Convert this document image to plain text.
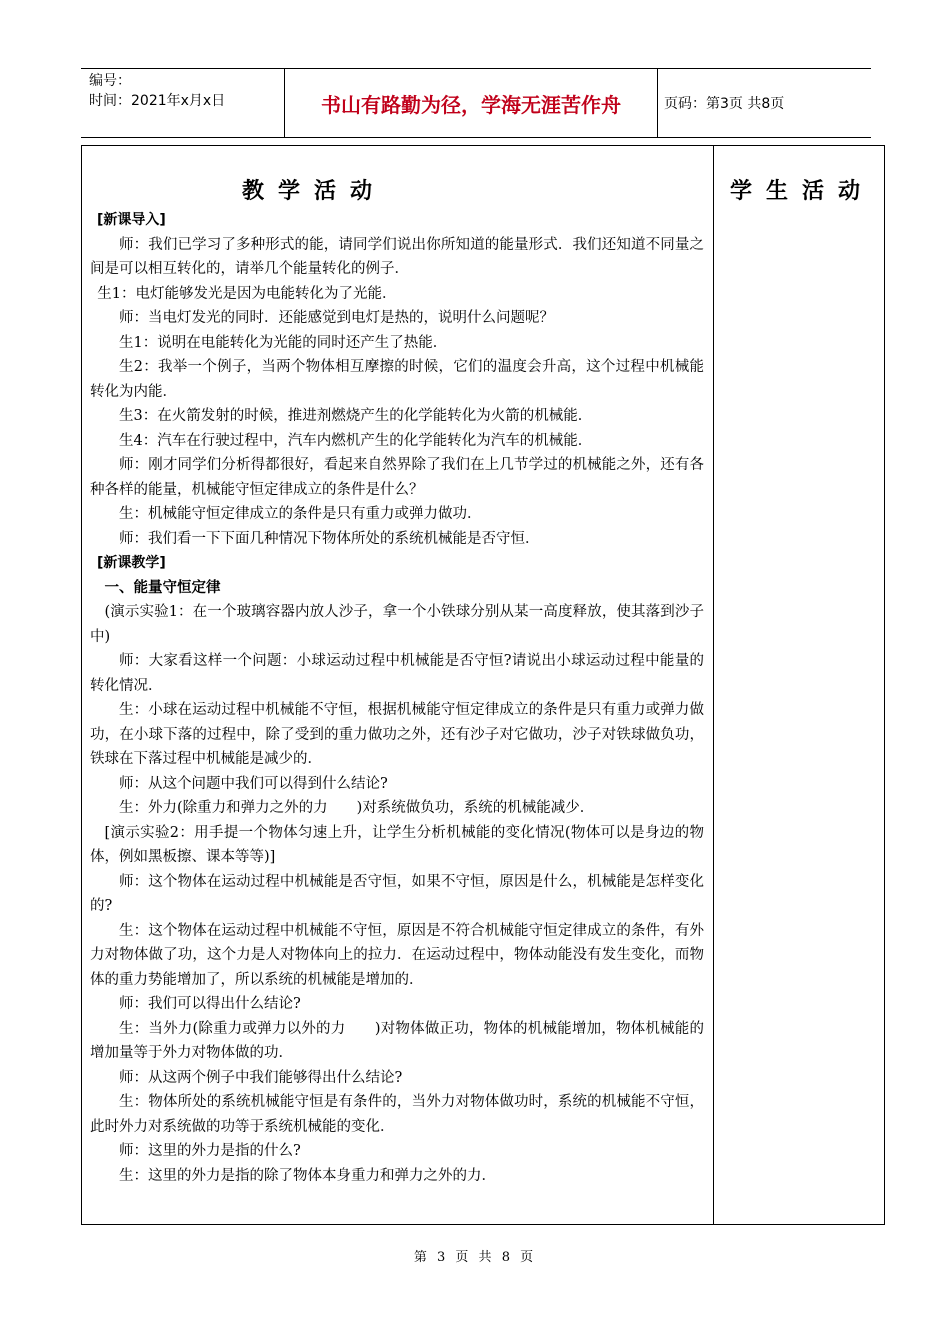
编号：
时间：2021年x月x日	书山有路勤为径，学海无涯苦作舟	页码：第3页 共8页
教学活动	学生活动

[新课导入]

师：我们已学习了多种形式的能，请同学们说出你所知道的能量形式．我们还知道不同量之间是可以相互转化的，请举几个能量转化的例子．

生1：电灯能够发光是因为电能转化为了光能．

师：当电灯发光的同时．还能感觉到电灯是热的，说明什么问题呢？

生1：说明在电能转化为光能的同时还产生了热能．

生2：我举一个例子，当两个物体相互摩擦的时候，它们的温度会升高，这个过程中机械能转化为内能．

生3：在火箭发射的时候，推进剂燃烧产生的化学能转化为火箭的机械能．

生4：汽车在行驶过程中，汽车内燃机产生的化学能转化为汽车的机械能．

师：刚才同学们分析得都很好，看起来自然界除了我们在上几节学过的机械能之外，还有各种各样的能量，机械能守恒定律成立的条件是什么？

生：机械能守恒定律成立的条件是只有重力或弹力做功．

师：我们看一下下面几种情况下物体所处的系统机械能是否守恒．

[新课教学]

一、能量守恒定律

(演示实验1：在一个玻璃容器内放人沙子，拿一个小铁球分别从某一高度释放，使其落到沙子中)

师：大家看这样一个问题：小球运动过程中机械能是否守恒?请说出小球运动过程中能量的转化情况．

生：小球在运动过程中机械能不守恒，根据机械能守恒定律成立的条件是只有重力或弹力做功，在小球下落的过程中，除了受到的重力做功之外，还有沙子对它做功，沙子对铁球做负功，铁球在下落过程中机械能是减少的．

师：从这个问题中我们可以得到什么结论?

生：外力(除重力和弹力之外的力　　)对系统做负功，系统的机械能减少．

[演示实验2：用手提一个物体匀速上升，让学生分析机械能的变化情况(物体可以是身边的物体，例如黑板擦、课本等等)]

师：这个物体在运动过程中机械能是否守恒，如果不守恒，原因是什么，机械能是怎样变化的?

生：这个物体在运动过程中机械能不守恒，原因是不符合机械能守恒定律成立的条件，有外力对物体做了功，这个力是人对物体向上的拉力．在运动过程中，物体动能没有发生变化，而物体的重力势能增加了，所以系统的机械能是增加的．

师：我们可以得出什么结论?

生：当外力(除重力或弹力以外的力　　)对物体做正功，物体的机械能增加，物体机械能的增加量等于外力对物体做的功．

师：从这两个例子中我们能够得出什么结论?

生：物体所处的系统机械能守恒是有条件的，当外力对物体做功时，系统的机械能不守恒，此时外力对系统做的功等于系统机械能的变化．

师：这里的外力是指的什么?

生：这里的外力是指的除了物体本身重力和弹力之外的力．

第 3 页 共 8 页
